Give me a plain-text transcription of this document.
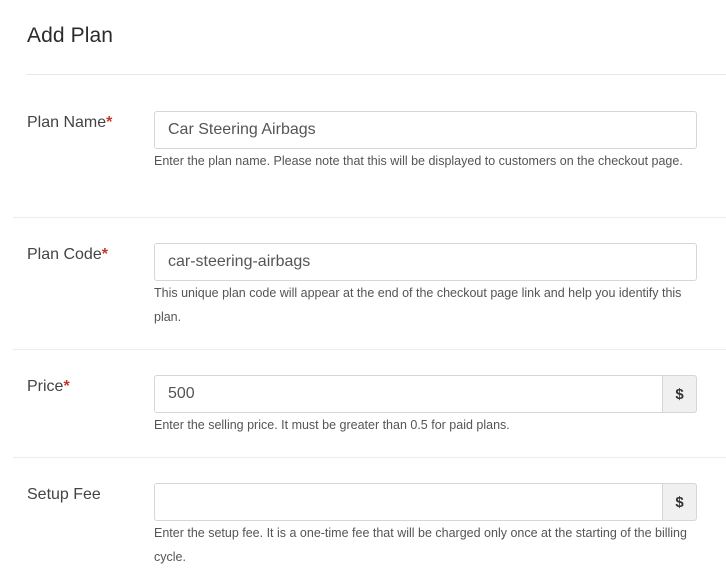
Add Plan
Plan Name*
Car Steering Airbags
Enter the plan name. Please note that this will be displayed to customers on the checkout page.
Plan Code*
car-steering-airbags
This unique plan code will appear at the end of the checkout page link and help you identify this plan.
Price*
500	$
Enter the selling price. It must be greater than 0.5 for paid plans.
Setup Fee	$
Enter the setup fee. It is a one-time fee that will be charged only once at the starting of the billing cycle.
